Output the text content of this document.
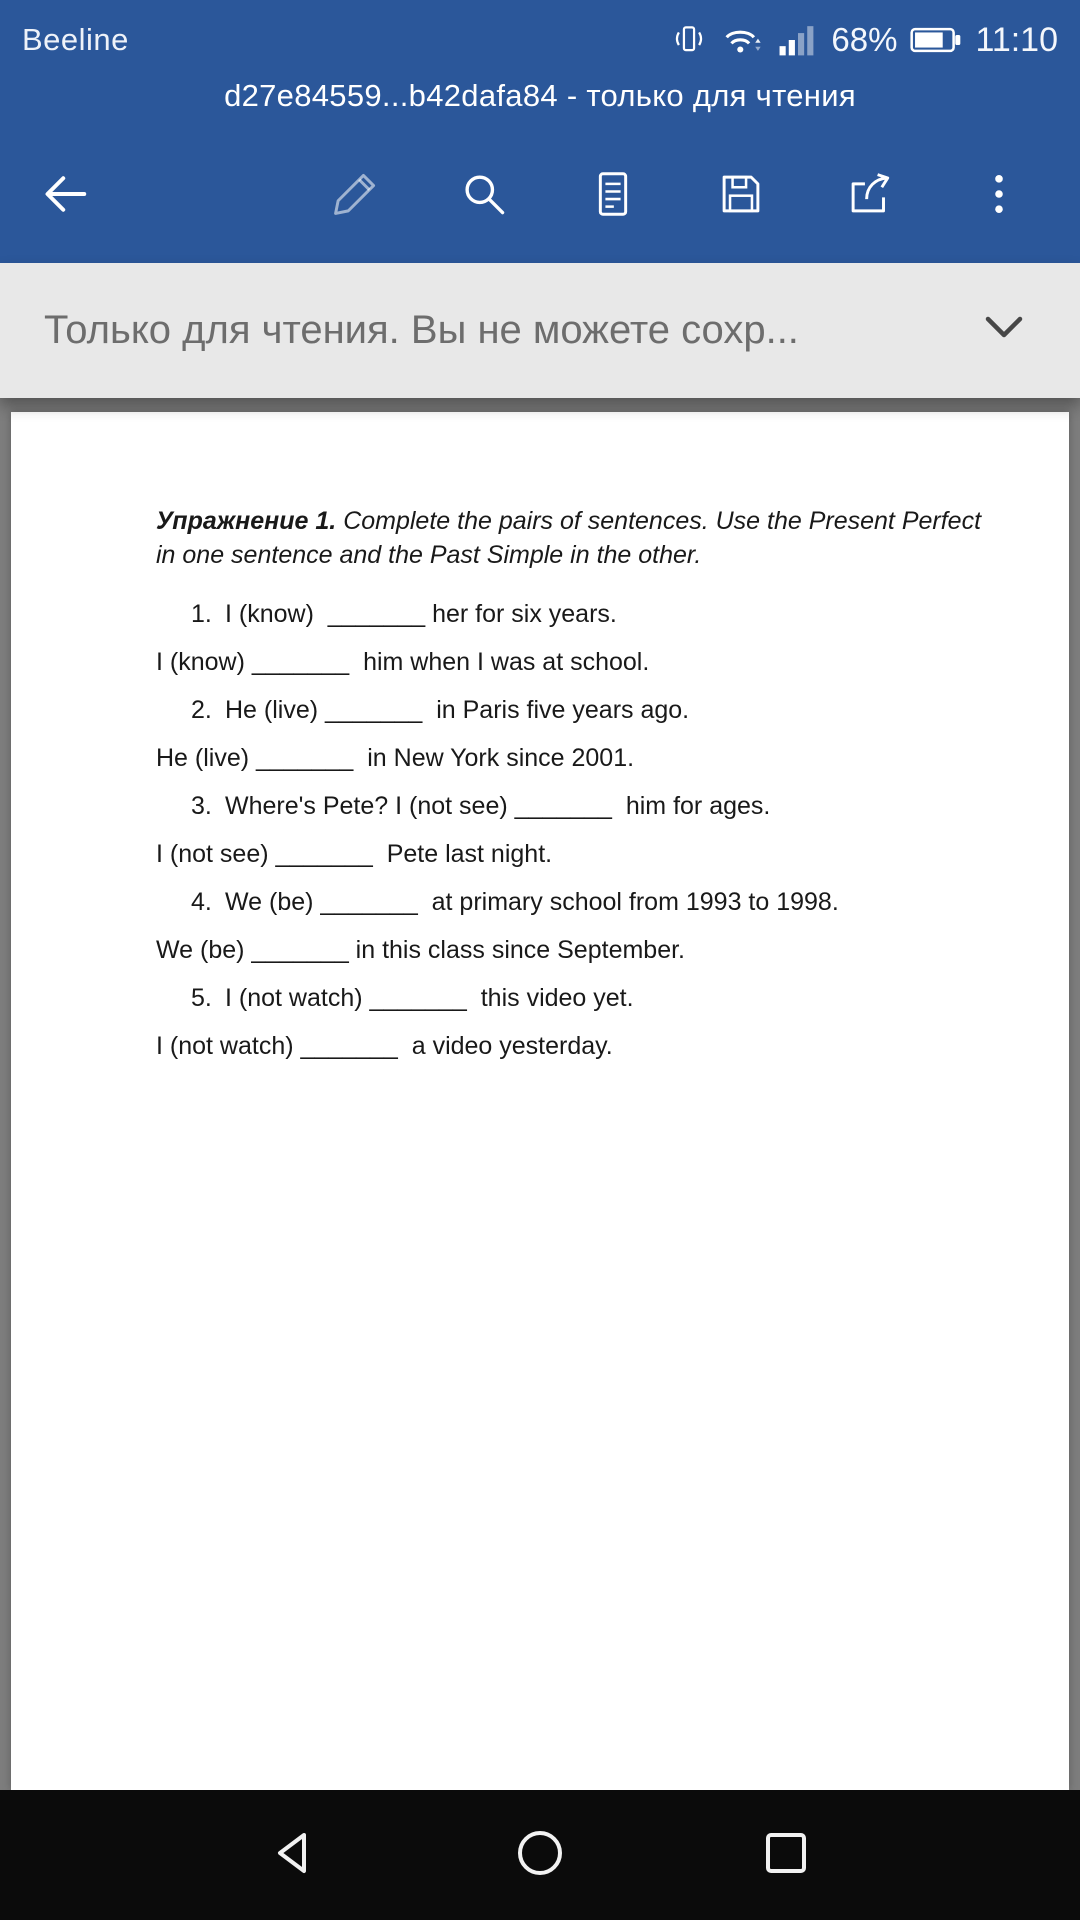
Beeline	68% 11:10
d27e84559...b42dafa84 - только для чтения
Только для чтения. Вы не можете сохр...

Упражнение 1. Complete the pairs of sentences. Use the Present Perfect in one sentence and the Past Simple in the other.

1. I (know)  _______ her for six years.
I (know) _______  him when I was at school.
2. He (live) _______  in Paris five years ago.
He (live) _______  in New York since 2001.
3. Where's Pete? I (not see) _______  him for ages.
I (not see) _______  Pete last night.
4. We (be) _______  at primary school from 1993 to 1998.
We (be) _______ in this class since September.
5. I (not watch) _______  this video yet.
I (not watch) _______  a video yesterday.
